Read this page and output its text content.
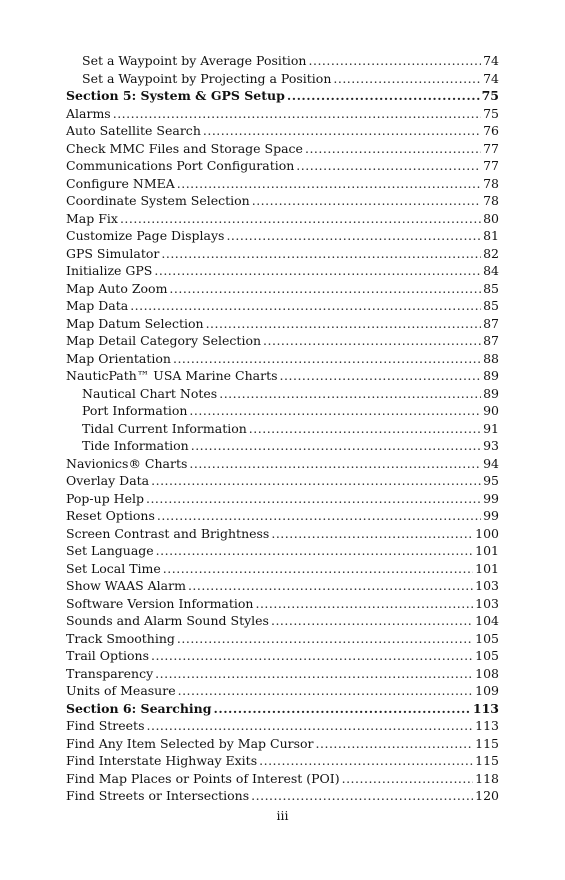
Set a Waypoint by Average Position .....	74
Set a Waypoint by Projecting a Position .....	74
Section 5: System & GPS Setup .....	75
Alarms .....	75
Auto Satellite Search .....	76
Check MMC Files and Storage Space .....	77
Communications Port Configuration .....	77
Configure NMEA .....	78
Coordinate System Selection .....	78
Map Fix .....	80
Customize Page Displays .....	81
GPS Simulator .....	82
Initialize GPS .....	84
Map Auto Zoom .....	85
Map Data .....	85
Map Datum Selection .....	87
Map Detail Category Selection .....	87
Map Orientation .....	88
NauticPath™ USA Marine Charts .....	89
Nautical Chart Notes .....	89
Port Information .....	90
Tidal Current Information .....	91
Tide Information .....	93
Navionics® Charts .....	94
Overlay Data .....	95
Pop-up Help .....	99
Reset Options .....	99
Screen Contrast and Brightness .....	100
Set Language .....	101
Set Local Time .....	101
Show WAAS Alarm .....	103
Software Version Information .....	103
Sounds and Alarm Sound Styles .....	104
Track Smoothing .....	105
Trail Options .....	105
Transparency .....	108
Units of Measure .....	109
Section 6: Searching .....	113
Find Streets .....	113
Find Any Item Selected by Map Cursor .....	115
Find Interstate Highway Exits .....	115
Find Map Places or Points of Interest (POI) .....	118
Find Streets or Intersections .....	120
iii
